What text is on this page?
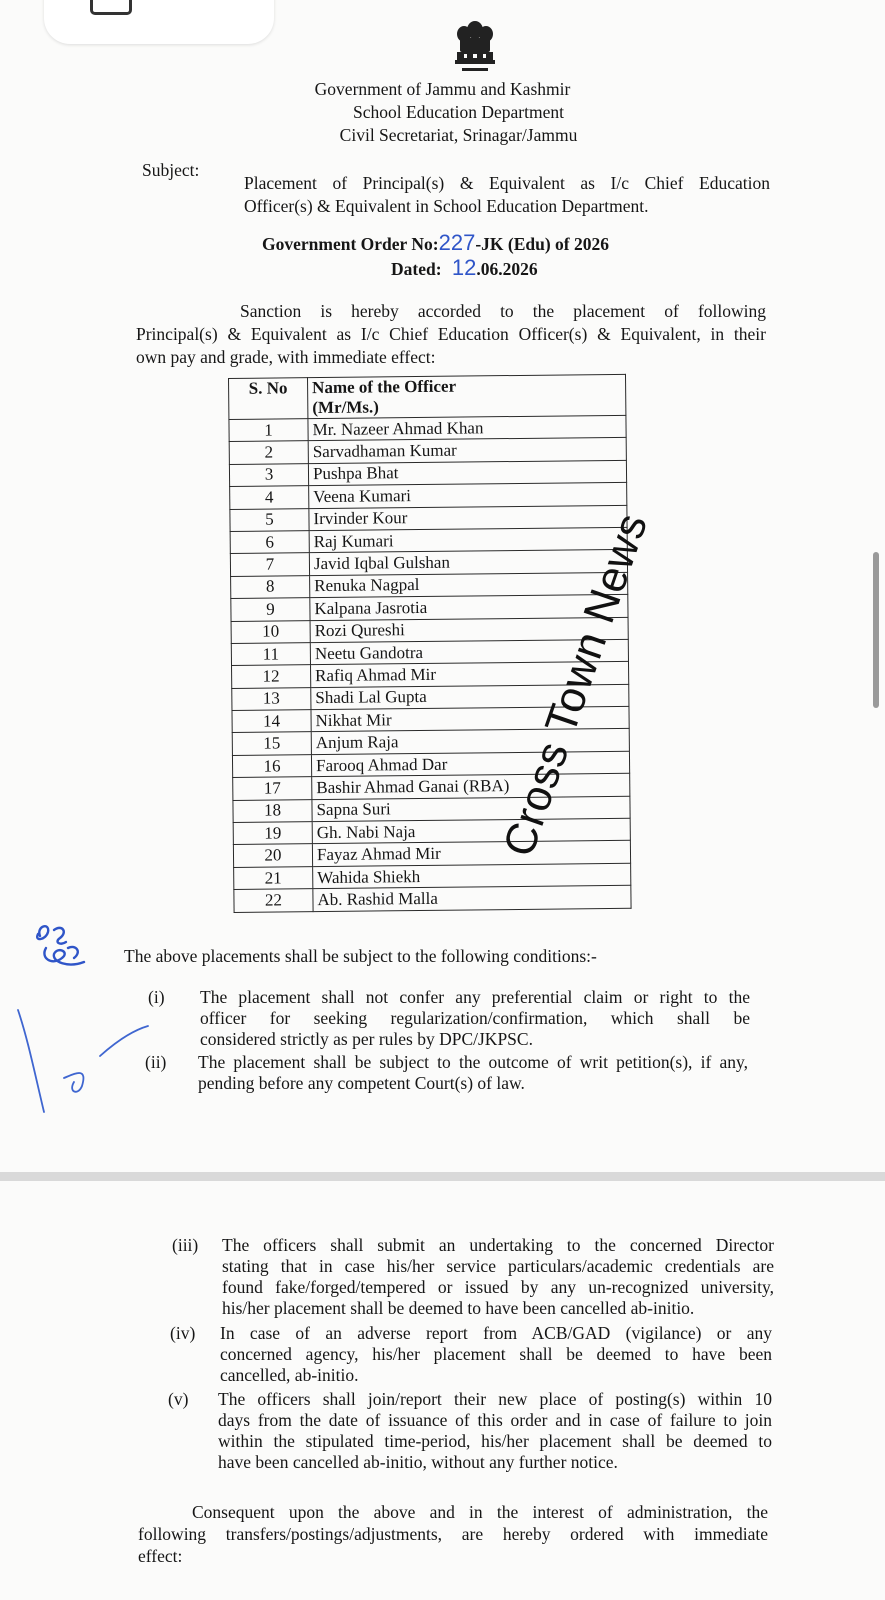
Government of Jammu and Kashmir
School Education Department
Civil Secretariat, Srinagar/Jammu
Subject:
Placement of Principal(s) & Equivalent as I/c Chief Education
Officer(s) & Equivalent in School Education Department.
Government Order No:227-JK (Edu) of 2026
Dated: 12.06.2026
Sanction is hereby accorded to the placement of following
Principal(s) & Equivalent as I/c Chief Education Officer(s) & Equivalent, in their
own pay and grade, with immediate effect:
S. No	Name of the Officer
(Mr/Ms.)
1	Mr. Nazeer Ahmad Khan
2	Sarvadhaman Kumar
3	Pushpa Bhat
4	Veena Kumari
5	Irvinder Kour
6	Raj Kumari
7	Javid Iqbal Gulshan
8	Renuka Nagpal
9	Kalpana Jasrotia
10	Rozi Qureshi
11	Neetu Gandotra
12	Rafiq Ahmad Mir
13	Shadi Lal Gupta
14	Nikhat Mir
15	Anjum Raja
16	Farooq Ahmad Dar
17	Bashir Ahmad Ganai (RBA)
18	Sapna Suri
19	Gh. Nabi Naja
20	Fayaz Ahmad Mir
21	Wahida Shiekh
22	Ab. Rashid Malla
Cross Town News
The above placements shall be subject to the following conditions:-
(i) The placement shall not confer any preferential claim or right to the
officer for seeking regularization/confirmation, which shall be
considered strictly as per rules by DPC/JKPSC.
(ii) The placement shall be subject to the outcome of writ petition(s), if any,
pending before any competent Court(s) of law.
(iii) The officers shall submit an undertaking to the concerned Director
stating that in case his/her service particulars/academic credentials are
found fake/forged/tempered or issued by any un-recognized university,
his/her placement shall be deemed to have been cancelled ab-initio.
(iv) In case of an adverse report from ACB/GAD (vigilance) or any
concerned agency, his/her placement shall be deemed to have been
cancelled, ab-initio.
(v) The officers shall join/report their new place of posting(s) within 10
days from the date of issuance of this order and in case of failure to join
within the stipulated time-period, his/her placement shall be deemed to
have been cancelled ab-initio, without any further notice.
Consequent upon the above and in the interest of administration, the
following transfers/postings/adjustments, are hereby ordered with immediate
effect:
